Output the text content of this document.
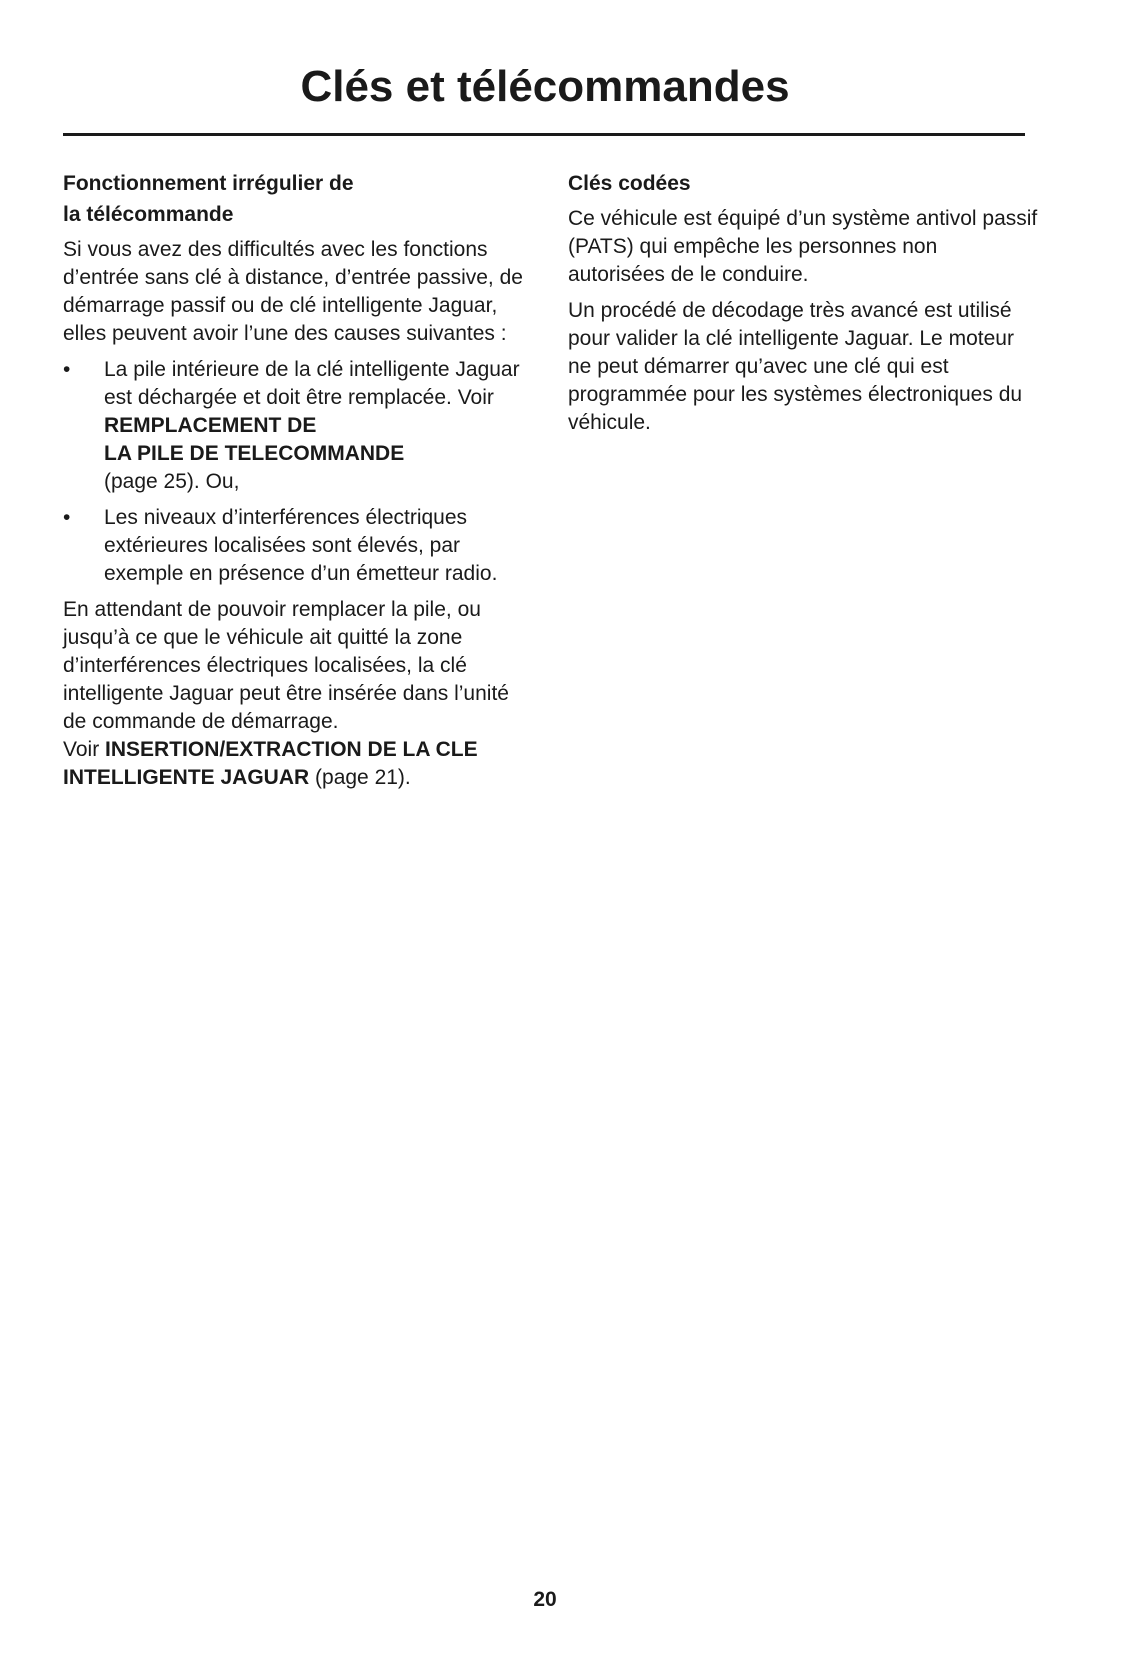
Clés et télécommandes
Fonctionnement irrégulier de
la télécommande

Si vous avez des difficultés avec les fonctions d’entrée sans clé à distance, d’entrée passive, de démarrage passif ou de clé intelligente Jaguar, elles peuvent avoir l’une des causes suivantes :

•	La pile intérieure de la clé intelligente Jaguar est déchargée et doit être remplacée. Voir REMPLACEMENT DE
LA PILE DE TELECOMMANDE
(page 25). Ou,
•	Les niveaux d’interférences électriques extérieures localisées sont élevés, par exemple en présence d’un émetteur radio.

En attendant de pouvoir remplacer la pile, ou jusqu’à ce que le véhicule ait quitté la zone d’interférences électriques localisées, la clé intelligente Jaguar peut être insérée dans l’unité de commande de démarrage.
Voir INSERTION/EXTRACTION DE LA CLE INTELLIGENTE JAGUAR (page 21).

Clés codées

Ce véhicule est équipé d’un système antivol passif (PATS) qui empêche les personnes non autorisées de le conduire.

Un procédé de décodage très avancé est utilisé pour valider la clé intelligente Jaguar. Le moteur ne peut démarrer qu’avec une clé qui est programmée pour les systèmes électroniques du véhicule.

20
